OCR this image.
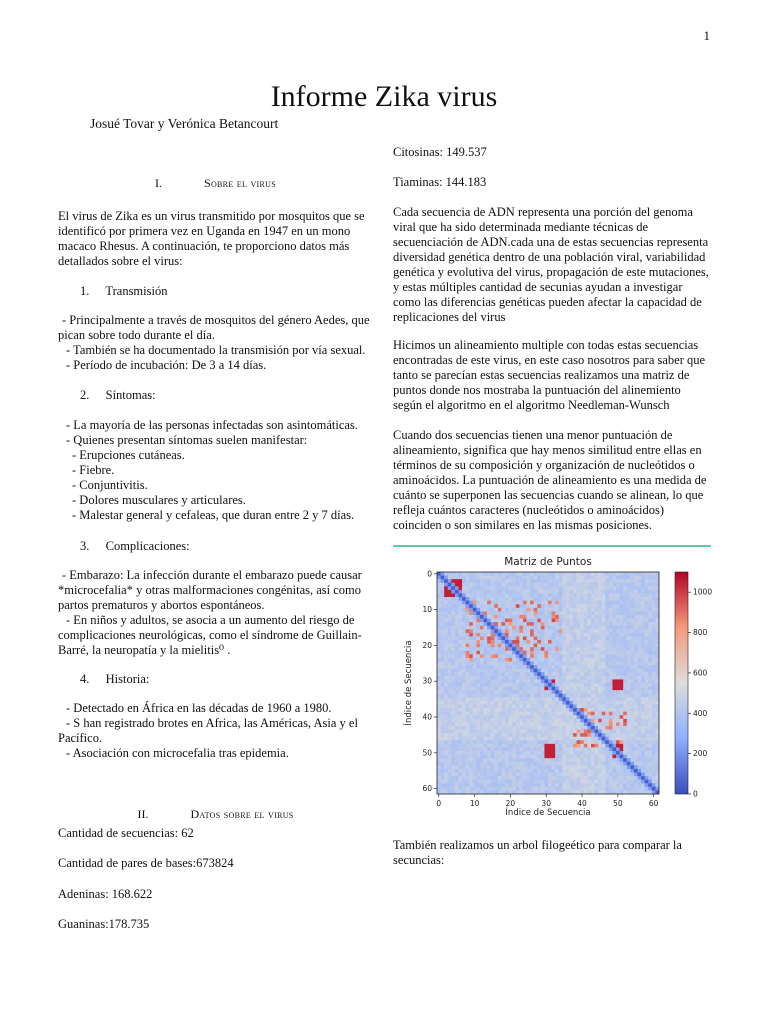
1
Informe Zika virus
Josué Tovar y Verónica Betancourt
I.	Sobre el virus
El virus de Zika es un virus transmitido por mosquitos que se identificó por primera vez en Uganda en 1947 en un mono macaco Rhesus. A continuación, te proporciono datos más detallados sobre el virus:
1. Transmisión
- Principalmente a través de mosquitos del género Aedes, que pican sobre todo durante el día.
- También se ha documentado la transmisión por vía sexual.
- Período de incubación: De 3 a 14 días.
2. Síntomas:
- La mayoría de las personas infectadas son asintomáticas.
- Quienes presentan síntomas suelen manifestar:
- Erupciones cutáneas.
- Fiebre.
- Conjuntivitis.
- Dolores musculares y articulares.
- Malestar general y cefaleas, que duran entre 2 y 7 días.
3. Complicaciones:
- Embarazo: La infección durante el embarazo puede causar *microcefalia* y otras malformaciones congénitas, así como partos prematuros y abortos espontáneos.
- En niños y adultos, se asocia a un aumento del riesgo de complicaciones neurológicas, como el síndrome de Guillain-Barré, la neuropatía y la mielitis⁰ .
4. Historia:
- Detectado en África en las décadas de 1960 a 1980.
- S han registrado brotes en Africa, las Américas, Asia y el Pacífico.
- Asociación con microcefalia tras epidemia.
II.	Datos sobre el virus
Cantidad de secuencias: 62
Cantidad de pares de bases:673824
Adeninas: 168.622
Guaninas:178.735
Citosinas: 149.537
Tiaminas: 144.183
Cada secuencia de ADN representa una porción del genoma viral que ha sido determinada mediante técnicas de secuenciación de ADN.cada una de estas secuencias representa diversidad genética dentro de una población viral, variabilidad genética y evolutiva del virus, propagación de este mutaciones, y estas múltiples cantidad de secunias ayudan a investigar como las diferencias genéticas pueden afectar la capacidad de replicaciones del virus
Hicimos un alineamiento multiple con todas estas secuencias encontradas de este virus, en este caso nosotros para saber que tanto se parecían estas secuencias realizamos una matriz de puntos donde nos mostraba la puntuación del alinemiento según el algoritmo en el algoritmo Needleman-Wunsch
Cuando dos secuencias tienen una menor puntuación de alineamiento, significa que hay menos similitud entre ellas en términos de su composición y organización de nucleótidos o aminoácidos. La puntuación de alineamiento es una medida de cuánto se superponen las secuencias cuando se alinean, lo que refleja cuántos caracteres (nucleótidos o aminoácidos) coinciden o son similares en las mismas posiciones.
Matriz de Puntos
0	10	20	30	40	50	60
0
10
20
30
40
50
60
Índice de Secuencia
Índice de Secuencia
0
200
400
600
800
1000
También realizamos un arbol filogeético para comparar la secuncias:
